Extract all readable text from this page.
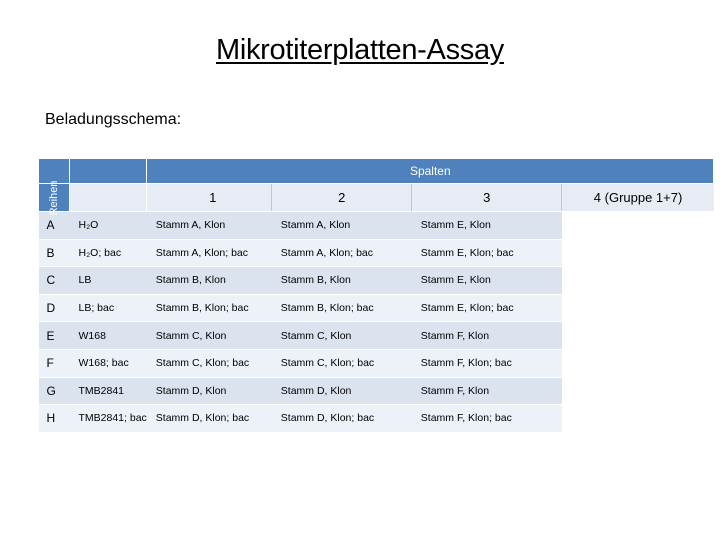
Mikrotiterplatten-Assay
Beladungsschema:
		Spalten			

Reihen		1	2	3	4 (Gruppe 1+7)
A	H₂O	Stamm A, Klon	Stamm A, Klon	Stamm E, Klon	
B	H₂O; bac	Stamm A, Klon; bac	Stamm A, Klon; bac	Stamm E, Klon; bac	
C	LB	Stamm B, Klon	Stamm B, Klon	Stamm E, Klon	
D	LB; bac	Stamm B, Klon; bac	Stamm B, Klon; bac	Stamm E, Klon; bac	
E	W168	Stamm C, Klon	Stamm C, Klon	Stamm F, Klon	
F	W168; bac	Stamm C, Klon; bac	Stamm C, Klon; bac	Stamm F, Klon; bac	
G	TMB2841	Stamm D, Klon	Stamm D, Klon	Stamm F, Klon	
H	TMB2841; bac	Stamm D, Klon; bac	Stamm D, Klon; bac	Stamm F, Klon; bac	
